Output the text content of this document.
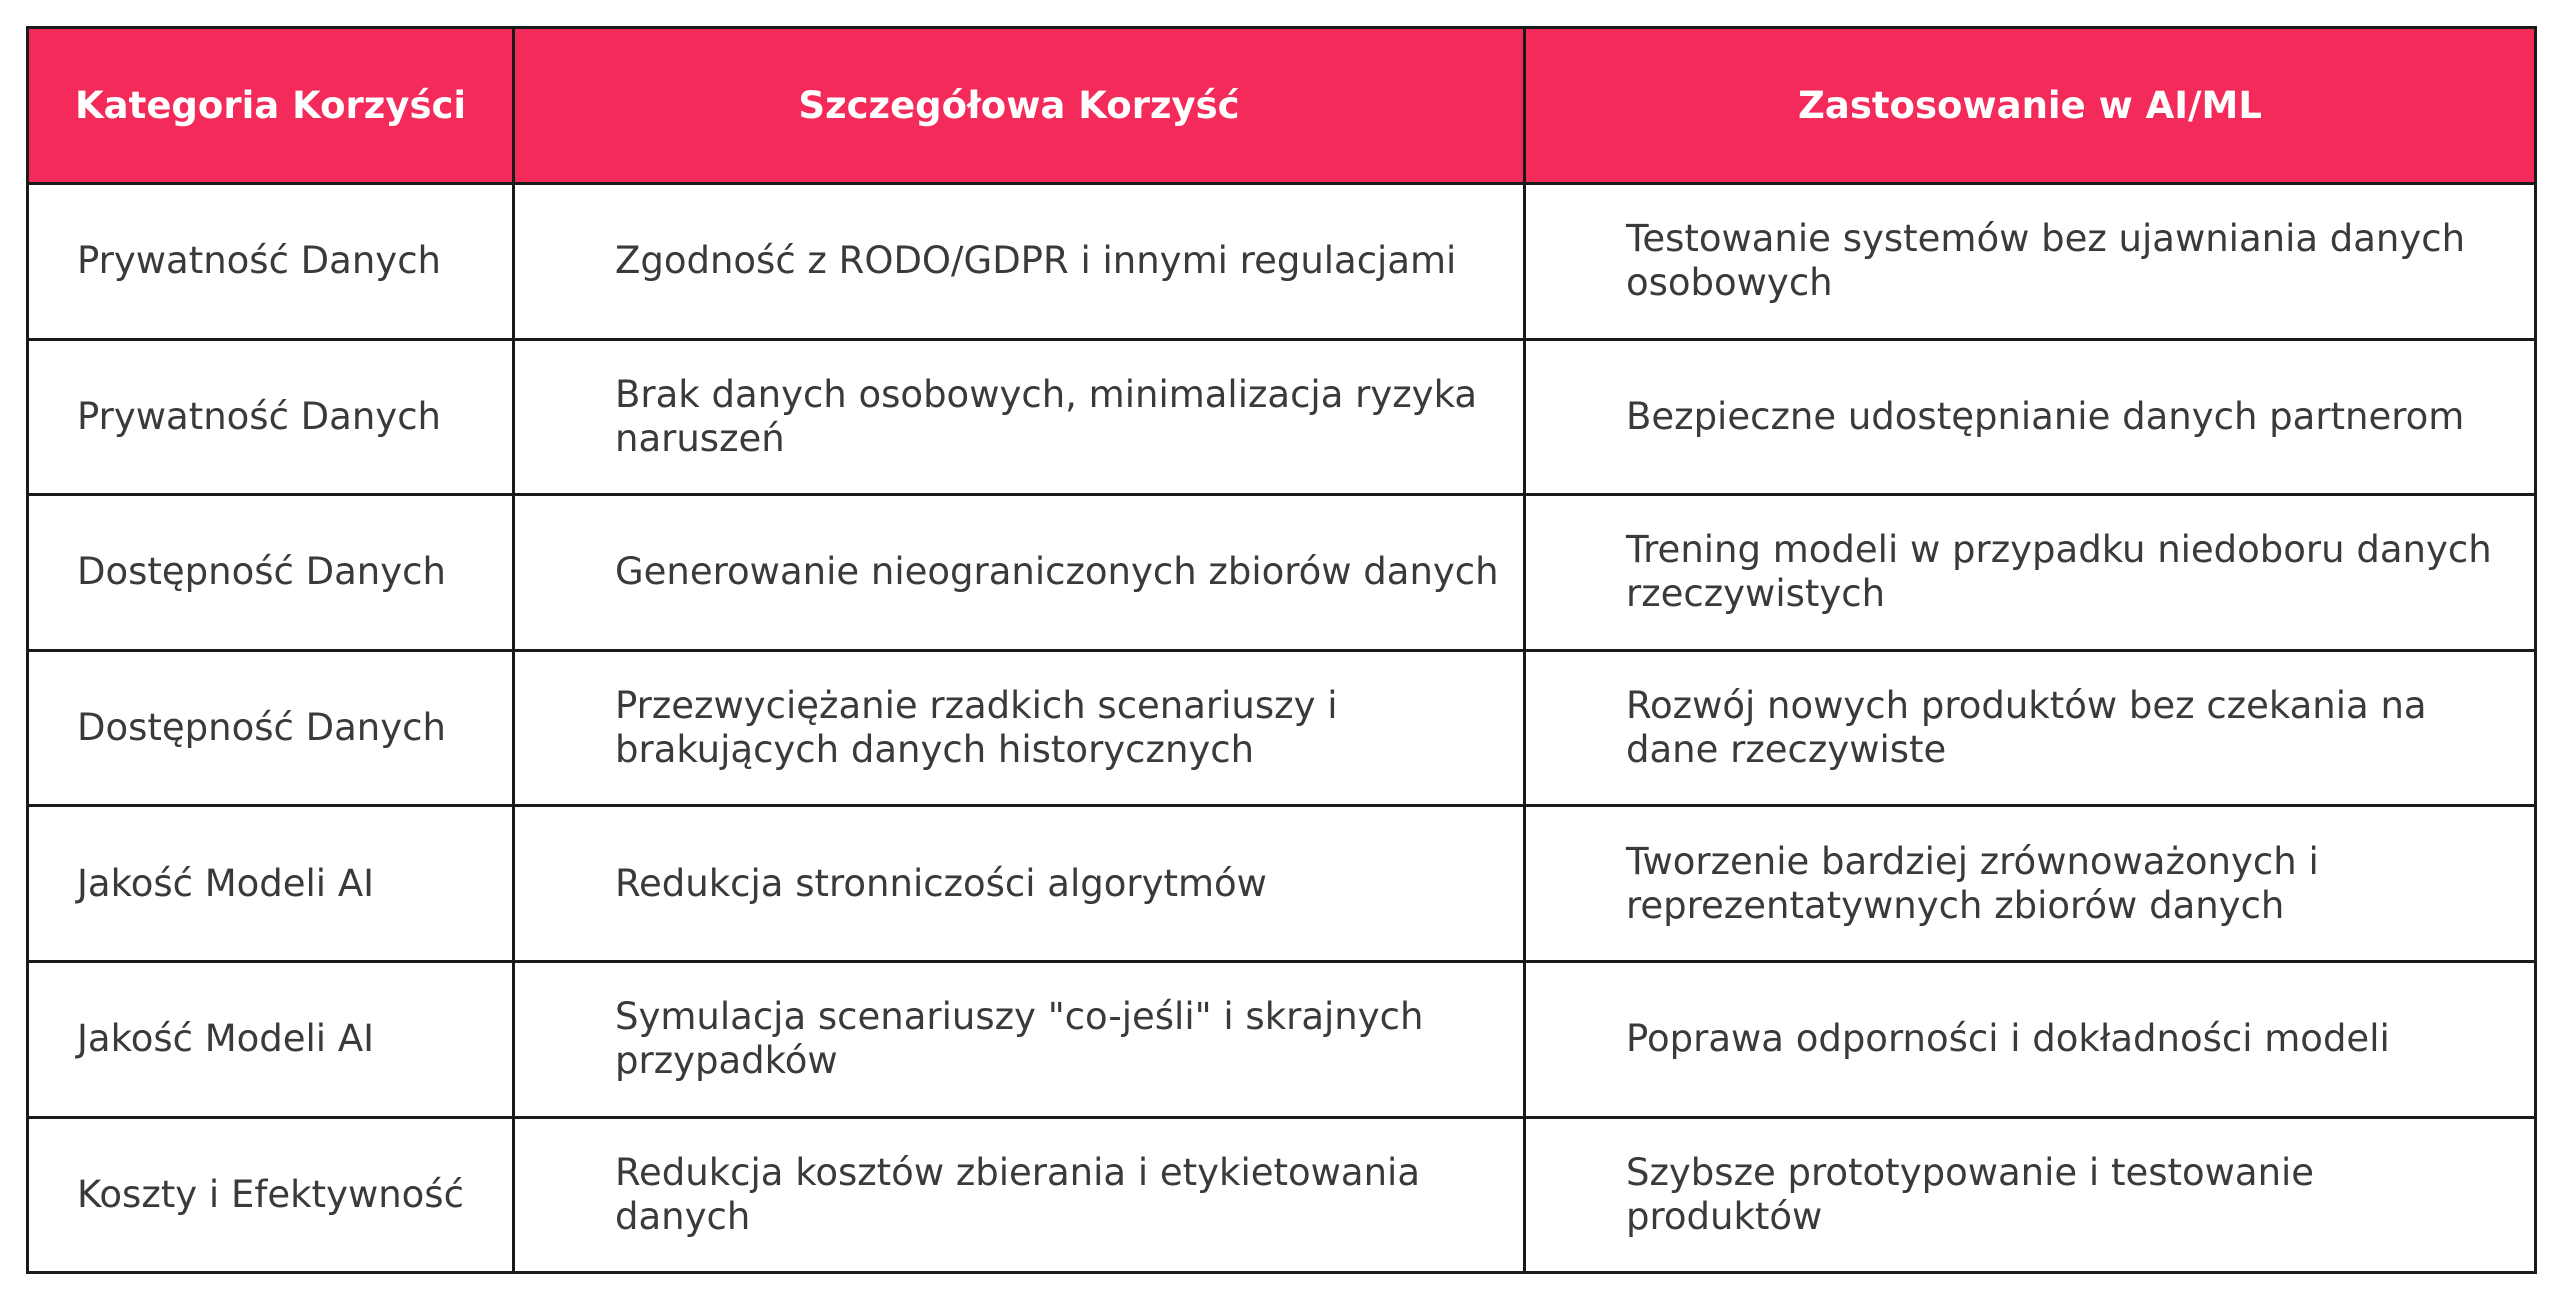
Kategoria Korzyści	Szczegółowa Korzyść	Zastosowanie w AI/ML
Prywatność Danych	Zgodność z RODO/GDPR i innymi regulacjami	Testowanie systemów bez ujawniania danych osobowych
Prywatność Danych	Brak danych osobowych, minimalizacja ryzyka naruszeń	Bezpieczne udostępnianie danych partnerom
Dostępność Danych	Generowanie nieograniczonych zbiorów danych	Trening modeli w przypadku niedoboru danych rzeczywistych
Dostępność Danych	Przezwyciężanie rzadkich scenariuszy i brakujących danych historycznych	Rozwój nowych produktów bez czekania na dane rzeczywiste
Jakość Modeli AI	Redukcja stronniczości algorytmów	Tworzenie bardziej zrównoważonych i reprezentatywnych zbiorów danych
Jakość Modeli AI	Symulacja scenariuszy "co-jeśli" i skrajnych przypadków	Poprawa odporności i dokładności modeli
Koszty i Efektywność	Redukcja kosztów zbierania i etykietowania danych	Szybsze prototypowanie i testowanie produktów
